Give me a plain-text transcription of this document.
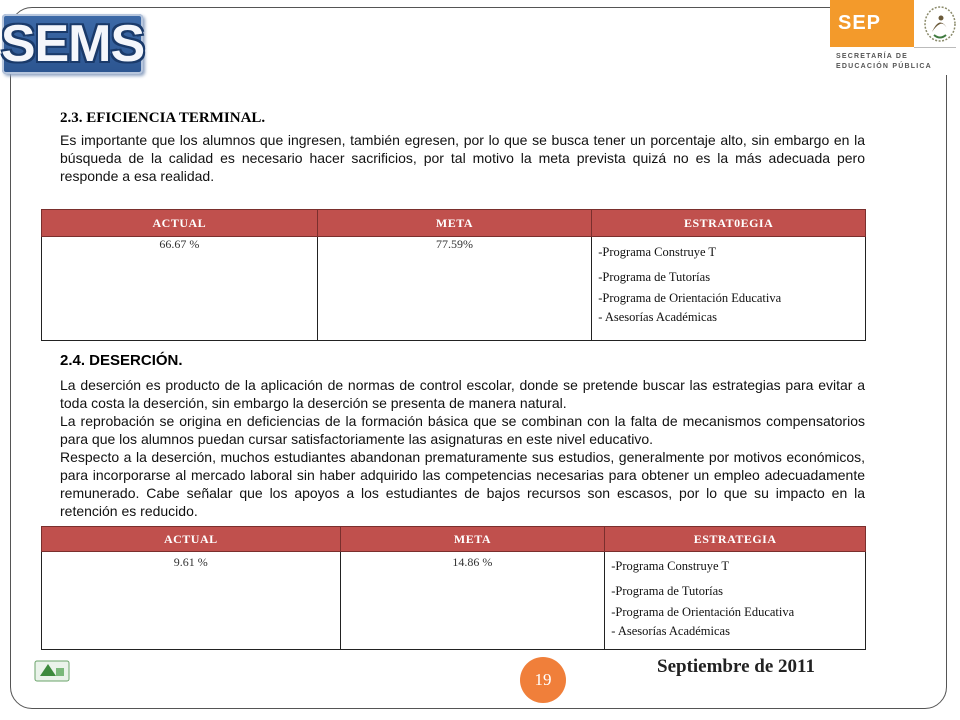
SEMS	SEP
SECRETARÍA DE
EDUCACIÓN PÚBLICA
2.3. EFICIENCIA TERMINAL.

Es importante que los alumnos que ingresen, también egresen, por lo que se busca tener un porcentaje alto, sin embargo en la búsqueda de la calidad es necesario hacer sacrificios, por tal motivo la meta prevista quizá no es la más adecuada pero responde a esa realidad.

ACTUAL	META	ESTRAT0EGIA
66.67 %	77.59%	-Programa Construye T
-Programa de Tutorías
-Programa de Orientación Educativa
- Asesorías Académicas
2.4. DESERCIÓN.

La deserción es producto de la aplicación de normas de control escolar, donde se pretende buscar las estrategias para evitar a toda costa la deserción, sin embargo la deserción se presenta de manera natural.

La reprobación se origina en deficiencias de la formación básica que se combinan con la falta de mecanismos compensatorios para que los alumnos puedan cursar satisfactoriamente las asignaturas en este nivel educativo.

Respecto a la deserción, muchos estudiantes abandonan prematuramente sus estudios, generalmente por motivos económicos, para incorporarse al mercado laboral sin haber adquirido las competencias necesarias para obtener un empleo adecuadamente remunerado. Cabe señalar que los apoyos a los estudiantes de bajos recursos son escasos, por lo que su impacto en la retención es reducido.

ACTUAL	META	ESTRATEGIA
9.61 %	14.86 %	-Programa Construye T
-Programa de Tutorías
-Programa de Orientación Educativa
- Asesorías Académicas
19
Septiembre de 2011
